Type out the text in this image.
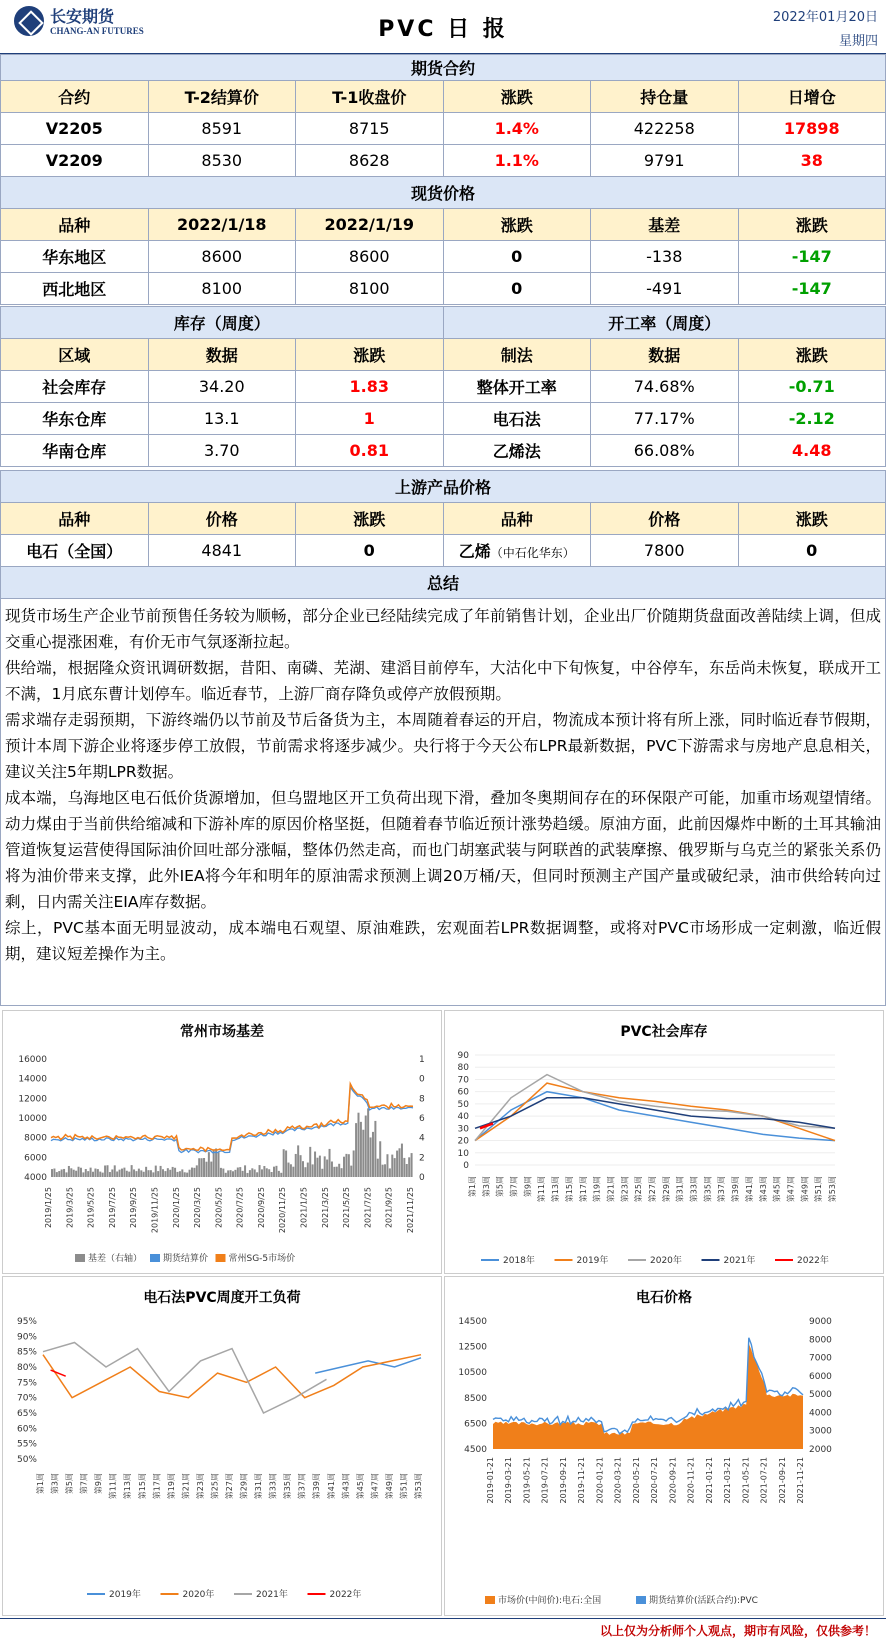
长安期货
CHANG-AN FUTURES	PVC 日 报	2022年01月20日
星期四
期货合约					
合约	T-2结算价	T-1收盘价	涨跌	持仓量	日增仓
V2205	8591	8715	1.4%	422258	17898
V2209	8530	8628	1.1%	9791	38
现货价格					
品种	2022/1/18	2022/1/19	涨跌	基差	涨跌
华东地区	8600	8600	0	-138	-147
西北地区	8100	8100	0	-491	-147
库存（周度）			开工率（周度）		
区域	数据	涨跌	制法	数据	涨跌
社会库存	34.20	1.83	整体开工率	74.68%	-0.71
华东仓库	13.1	1	电石法	77.17%	-2.12
华南仓库	3.70	0.81	乙烯法	66.08%	4.48
上游产品价格					
品种	价格	涨跌	品种	价格	涨跌
电石（全国）	4841	0	乙烯（中石化华东）	7800	0
总结

现货市场生产企业节前预售任务较为顺畅，部分企业已经陆续完成了年前销售计划，企业出厂价随期货盘面改善陆续上调，但成交重心提涨困难，有价无市气氛逐渐拉起。

供给端，根据隆众资讯调研数据，昔阳、南磷、芜湖、建滔目前停车，大沽化中下旬恢复，中谷停车，东岳尚未恢复，联成开工不满，1月底东曹计划停车。临近春节，上游厂商存降负或停产放假预期。

需求端存走弱预期，下游终端仍以节前及节后备货为主，本周随着春运的开启，物流成本预计将有所上涨，同时临近春节假期，预计本周下游企业将逐步停工放假，节前需求将逐步减少。央行将于今天公布LPR最新数据，PVC下游需求与房地产息息相关，建议关注5年期LPR数据。

成本端，乌海地区电石低价货源增加，但乌盟地区开工负荷出现下滑，叠加冬奥期间存在的环保限产可能，加重市场观望情绪。动力煤由于当前供给缩减和下游补库的原因价格坚挺，但随着春节临近预计涨势趋缓。原油方面，此前因爆炸中断的土耳其输油管道恢复运营使得国际油价回吐部分涨幅，整体仍然走高，而也门胡塞武装与阿联酋的武装摩擦、俄罗斯与乌克兰的紧张关系仍将为油价带来支撑，此外IEA将今年和明年的原油需求预测上调20万桶/天，但同时预测主产国产量或破纪录，油市供给转向过剩，日内需关注EIA库存数据。

综上，PVC基本面无明显波动，成本端电石观望、原油难跌，宏观面若LPR数据调整，或将对PVC市场形成一定刺激，临近假期，建议短差操作为主。

常州市场基差
16000
14000
12000
10000
8000
6000
4000
1
0
8
6
4
2
0
2019/1/25 2019/3/25 2019/5/25 2019/7/25 2019/9/25 2019/11/25 2020/1/25 2020/3/25 2020/5/25 2020/7/25 2020/9/25 2020/11/25 2021/1/25 2021/3/25 2021/5/25 2021/7/25 2021/9/25 2021/11/25
基差（右轴） 期货结算价 常州SG-5市场价
PVC社会库存
90
80
70
60
50
40
30
20
10
0
第1周 第3周 第5周 第7周 第9周 第11周 第13周 第15周 第17周 第19周 第21周 第23周 第25周 第27周 第29周 第31周 第33周 第35周 第37周 第39周 第41周 第43周 第45周 第47周 第49周 第51周 第53周
2018年	2019年	2020年	2021年	2022年
电石法PVC周度开工负荷
95%
90%
85%
80%
75%
70%
65%
60%
55%
50%
第1周 第3周 第5周 第7周 第9周 第11周 第13周 第15周 第17周 第19周 第21周 第23周 第25周 第27周 第29周 第31周 第33周 第35周 第37周 第39周 第41周 第43周 第45周 第47周 第49周 第51周 第53周
2019年	2020年	2021年	2022年
电石价格
14500
12500
10500
8500
6500
4500
9000
8000
7000
6000
5000
4000
3000
2000
2019-01-21 2019-03-21 2019-05-21 2019-07-21 2019-09-21 2019-11-21 2020-01-21 2020-03-21 2020-05-21 2020-07-21 2020-09-21 2020-11-21 2021-01-21 2021-03-21 2021-05-21 2021-07-21 2021-09-21 2021-11-21
市场价(中间价):电石:全国	期货结算价(活跃合约):PVC
以上仅为分析师个人观点，期市有风险，仅供参考！
